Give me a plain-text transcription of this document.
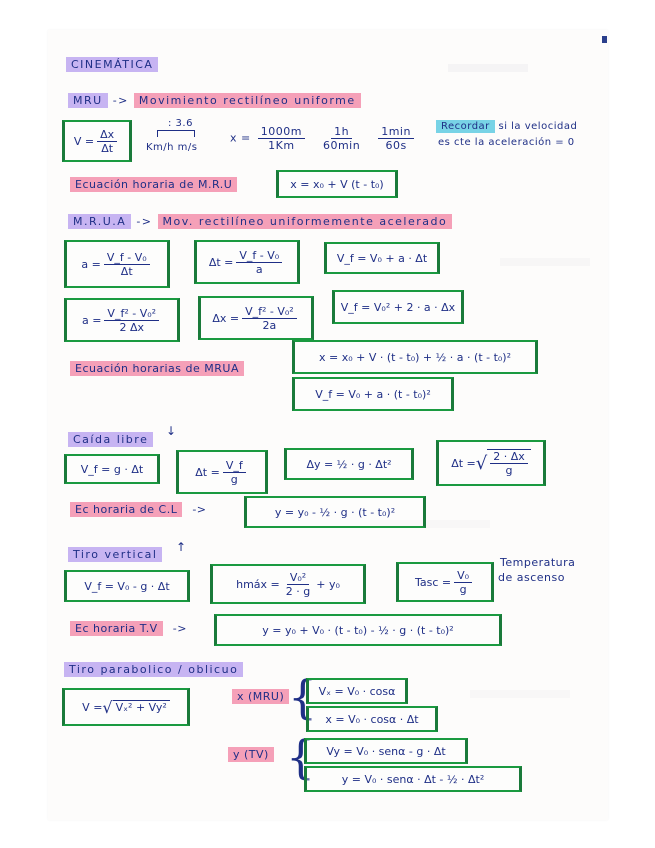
CINEMÁTICA
MRU -> Movimiento rectilíneo uniforme
$V = \frac{\Delta x}{\Delta t}$
: 3.6
Km/h m/s
$x = \frac{1000m}{1Km}$
$\frac{1h}{60\min}$
$\frac{1\min}{60s}$	Recordar si la velocidad
es cte la aceleración = 0
Ecuación horaria de M.R.U	x = x₀ + V (t - t₀)
M.R.U.A -> Mov. rectilíneo uniformemente acelerado
$a = \frac{\text{V\_f - V₀}}{\Delta t}$	$\Delta t = \frac{\text{V\_f - V₀}}{a}$	V_f = V₀ + a · Δt
$a = \frac{\text{V\_f² - V₀²}}{2 \Delta x}$	$\Delta x = \frac{\text{V\_f² - V₀²}}{2a}$	V_f = V₀² + 2 · a · Δx
Ecuación horarias de MRUA
x = x₀ + V · (t - t₀) + ½ · a · (t - t₀)²
V_f = V₀ + a · (t - t₀)²
Caída libre
↓
V_f = g · Δt	$\Delta t = \frac{V\_f}{g}$	Δy = ½ · g · Δt²	Δt = √ $\frac{2 \cdot \Delta x}{g}$
Ec horaria de C.L ->	y = y₀ - ½ · g · (t - t₀)²
Tiro vertical
↑
V_f = V₀ - g · Δt	hmáx = $\frac{\text{V₀²}}{2 \cdot g} + y_0$	Tasc = $\frac{\text{V₀}}{g}$
Temperatura
de ascenso
Ec horaria T.V ->	y = y₀ + V₀ · (t - t₀) - ½ · g · (t - t₀)²
Tiro parabolico / oblicuo
V = √ Vₓ² + Vy²
x (MRU) { Vₓ = V₀ · cosα
x = V₀ · cosα · Δt
y (TV) {	Vy = V₀ · senα - g · Δt
y = V₀ · senα · Δt - ½ · Δt²
